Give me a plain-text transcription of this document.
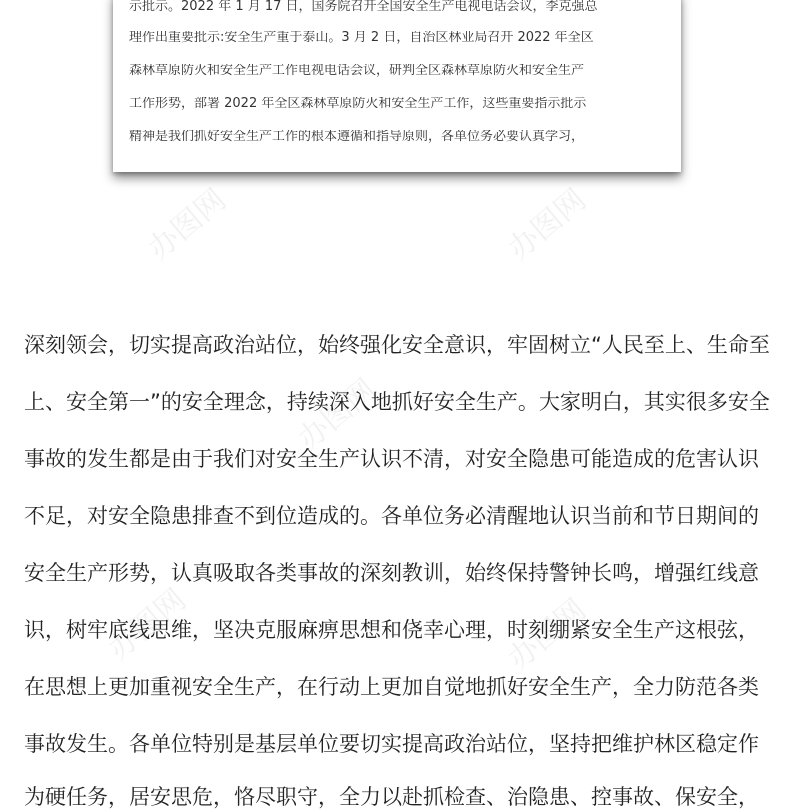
办图网	办图网
办图网
办图网	办图网
示批示。2022 年 1 月 17 日，国务院召开全国安全生产电视电话会议，李克强总
理作出重要批示:安全生产重于泰山。3 月 2 日，自治区林业局召开 2022 年全区
森林草原防火和安全生产工作电视电话会议，研判全区森林草原防火和安全生产
工作形势，部署 2022 年全区森林草原防火和安全生产工作，这些重要指示批示
精神是我们抓好安全生产工作的根本遵循和指导原则，各单位务必要认真学习，
深刻领会，切实提高政治站位，始终强化安全意识，牢固树立“人民至上、生命至
上、安全第一”的安全理念，持续深入地抓好安全生产。大家明白，其实很多安全
事故的发生都是由于我们对安全生产认识不清，对安全隐患可能造成的危害认识
不足，对安全隐患排查不到位造成的。各单位务必清醒地认识当前和节日期间的
安全生产形势，认真吸取各类事故的深刻教训，始终保持警钟长鸣，增强红线意
识，树牢底线思维，坚决克服麻痹思想和侥幸心理，时刻绷紧安全生产这根弦，
在思想上更加重视安全生产，在行动上更加自觉地抓好安全生产，全力防范各类
事故发生。各单位特别是基层单位要切实提高政治站位，坚持把维护林区稳定作
为硬任务，居安思危，恪尽职守，全力以赴抓检查、治隐患、控事故、保安全，
